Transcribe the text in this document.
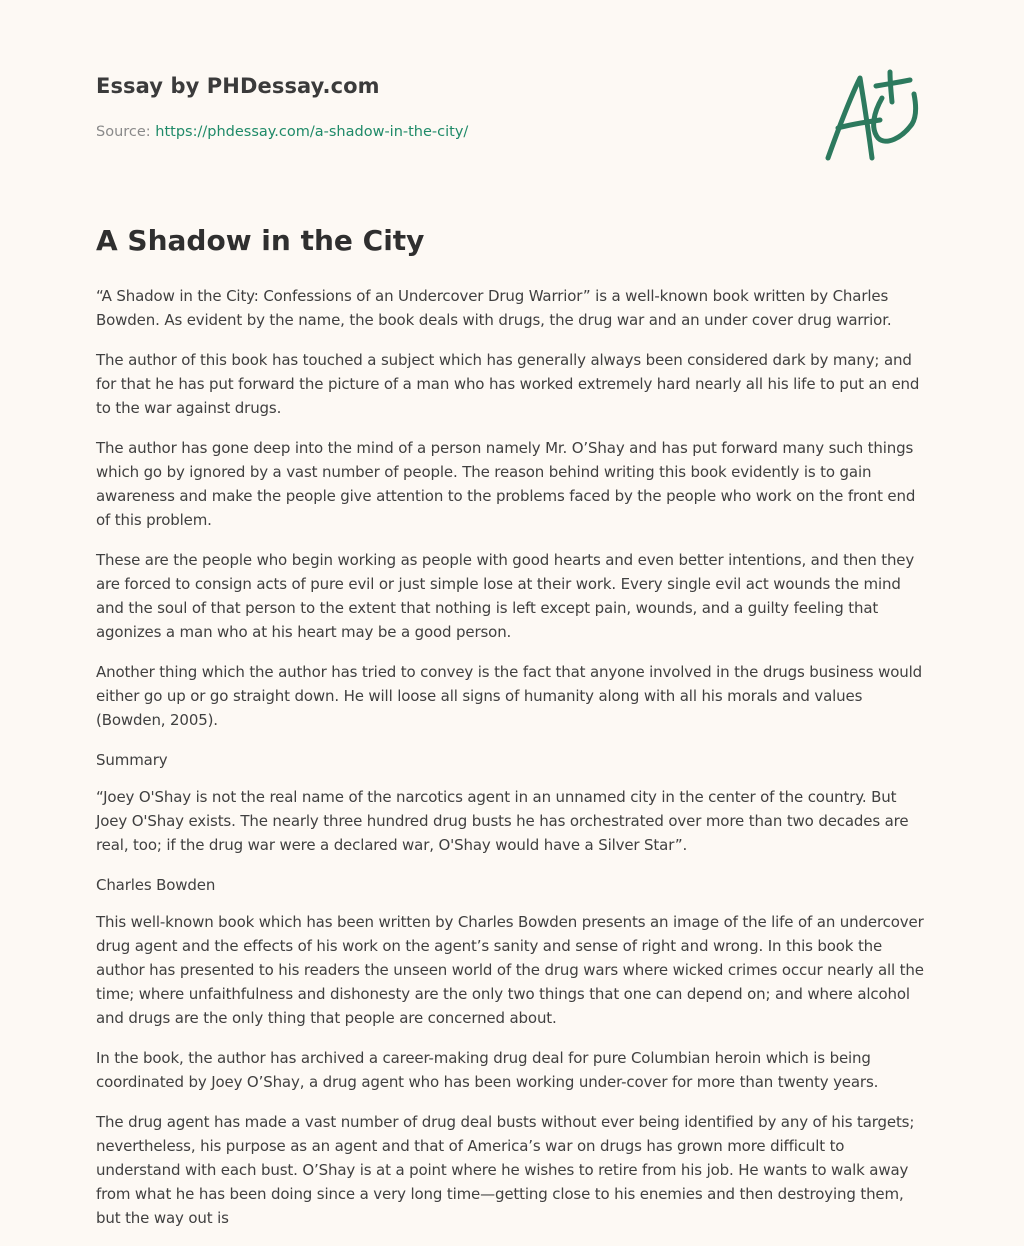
Essay by PHDessay.com
Source: https://phdessay.com/a-shadow-in-the-city/
A Shadow in the City

“A Shadow in the City: Confessions of an Undercover Drug Warrior” is a well-known book written by Charles Bowden. As evident by the name, the book deals with drugs, the drug war and an under cover drug warrior.

The author of this book has touched a subject which has generally always been considered dark by many; and for that he has put forward the picture of a man who has worked extremely hard nearly all his life to put an end to the war against drugs.

The author has gone deep into the mind of a person namely Mr. O’Shay and has put forward many such things which go by ignored by a vast number of people. The reason behind writing this book evidently is to gain awareness and make the people give attention to the problems faced by the people who work on the front end of this problem.

These are the people who begin working as people with good hearts and even better intentions, and then they are forced to consign acts of pure evil or just simple lose at their work. Every single evil act wounds the mind and the soul of that person to the extent that nothing is left except pain, wounds, and a guilty feeling that agonizes a man who at his heart may be a good person.

Another thing which the author has tried to convey is the fact that anyone involved in the drugs business would either go up or go straight down. He will loose all signs of humanity along with all his morals and values (Bowden, 2005).

Summary

“Joey O'Shay is not the real name of the narcotics agent in an unnamed city in the center of the country. But Joey O'Shay exists. The nearly three hundred drug busts he has orchestrated over more than two decades are real, too; if the drug war were a declared war, O'Shay would have a Silver Star”.

Charles Bowden

This well-known book which has been written by Charles Bowden presents an image of the life of an undercover drug agent and the effects of his work on the agent’s sanity and sense of right and wrong. In this book the author has presented to his readers the unseen world of the drug wars where wicked crimes occur nearly all the time; where unfaithfulness and dishonesty are the only two things that one can depend on; and where alcohol and drugs are the only thing that people are concerned about.

In the book, the author has archived a career-making drug deal for pure Columbian heroin which is being coordinated by Joey O’Shay, a drug agent who has been working under-cover for more than twenty years.

The drug agent has made a vast number of drug deal busts without ever being identified by any of his targets; nevertheless, his purpose as an agent and that of America’s war on drugs has grown more difficult to understand with each bust. O’Shay is at a point where he wishes to retire from his job. He wants to walk away from what he has been doing since a very long time—getting close to his enemies and then destroying them, but the way out is
